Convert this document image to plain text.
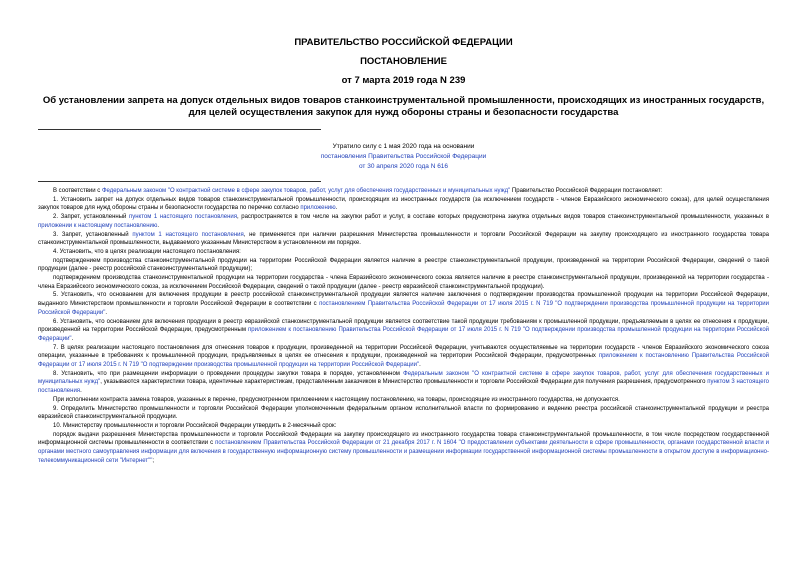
ПРАВИТЕЛЬСТВО РОССИЙСКОЙ ФЕДЕРАЦИИ
ПОСТАНОВЛЕНИЕ
от 7 марта 2019 года N 239
Об установлении запрета на допуск отдельных видов товаров станкоинструментальной промышленности, происходящих из иностранных государств, для целей осуществления закупок для нужд обороны страны и безопасности государства
Утратило силу с 1 мая 2020 года на основании
постановления Правительства Российской Федерации
от 30 апреля 2020 года N 616

В соответствии с Федеральным законом "О контрактной системе в сфере закупок товаров, работ, услуг для обеспечения государственных и муниципальных нужд" Правительство Российской Федерации постановляет:

1. Установить запрет на допуск отдельных видов товаров станкоинструментальной промышленности, происходящих из иностранных государств (за исключением государств - членов Евразийского экономического союза), для целей осуществления закупок товаров для нужд обороны страны и безопасности государства по перечню согласно приложению.

2. Запрет, установленный пунктом 1 настоящего постановления, распространяется в том числе на закупки работ и услуг, в составе которых предусмотрена закупка отдельных видов товаров станкоинструментальной промышленности, указанных в приложении к настоящему постановлению.

3. Запрет, установленный пунктом 1 настоящего постановления, не применяется при наличии разрешения Министерства промышленности и торговли Российской Федерации на закупку происходящего из иностранного государства товара станкоинструментальной промышленности, выдаваемого указанным Министерством в установленном им порядке.

4. Установить, что в целях реализации настоящего постановления:

подтверждением производства станкоинструментальной продукции на территории Российской Федерации является наличие в реестре станкоинструментальной продукции, произведенной на территории Российской Федерации, сведений о такой продукции (далее - реестр российской станкоинструментальной продукции);

подтверждением производства станкоинструментальной продукции на территории государства - члена Евразийского экономического союза является наличие в реестре станкоинструментальной продукции, произведенной на территории государства - члена Евразийского экономического союза, за исключением Российской Федерации, сведений о такой продукции (далее - реестр евразийской станкоинструментальной продукции).

5. Установить, что основанием для включения продукции в реестр российской станкоинструментальной продукции является наличие заключения о подтверждении производства промышленной продукции на территории Российской Федерации, выданного Министерством промышленности и торговли Российской Федерации в соответствии с постановлением Правительства Российской Федерации от 17 июля 2015 г. N 719 "О подтверждении производства промышленной продукции на территории Российской Федерации".

6. Установить, что основанием для включения продукции в реестр евразийской станкоинструментальной продукции является соответствие такой продукции требованиям к промышленной продукции, предъявляемым в целях ее отнесения к продукции, произведенной на территории Российской Федерации, предусмотренным приложением к постановлению Правительства Российской Федерации от 17 июля 2015 г. N 719 "О подтверждении производства промышленной продукции на территории Российской Федерации".

7. В целях реализации настоящего постановления для отнесения товаров к продукции, произведенной на территории Российской Федерации, учитываются осуществляемые на территории государств - членов Евразийского экономического союза операции, указанные в требованиях к промышленной продукции, предъявляемых в целях ее отнесения к продукции, произведенной на территории Российской Федерации, предусмотренных приложением к постановлению Правительства Российской Федерации от 17 июля 2015 г. N 719 "О подтверждении производства промышленной продукции на территории Российской Федерации".

8. Установить, что при размещении информации о проведении процедуры закупки товара в порядке, установленном Федеральным законом "О контрактной системе в сфере закупок товаров, работ, услуг для обеспечения государственных и муниципальных нужд", указываются характеристики товара, идентичные характеристикам, представленным заказчиком в Министерство промышленности и торговли Российской Федерации для получения разрешения, предусмотренного пунктом 3 настоящего постановления.

При исполнении контракта замена товаров, указанных в перечне, предусмотренном приложением к настоящему постановлению, на товары, происходящие из иностранного государства, не допускается.

9. Определить Министерство промышленности и торговли Российской Федерации уполномоченным федеральным органом исполнительной власти по формированию и ведению реестра российской станкоинструментальной продукции и реестра евразийской станкоинструментальной продукции.

10. Министерству промышленности и торговли Российской Федерации утвердить в 2-месячный срок:

порядок выдачи разрешения Министерства промышленности и торговли Российской Федерации на закупку происходящего из иностранного государства товара станкоинструментальной промышленности, в том числе посредством государственной информационной системы промышленности в соответствии с постановлением Правительства Российской Федерации от 21 декабря 2017 г. N 1604 "О предоставлении субъектами деятельности в сфере промышленности, органами государственной власти и органами местного самоуправления информации для включения в государственную информационную систему промышленности и размещении информации государственной информационной системы промышленности в открытом доступе в информационно-телекоммуникационной сети "Интернет"";
